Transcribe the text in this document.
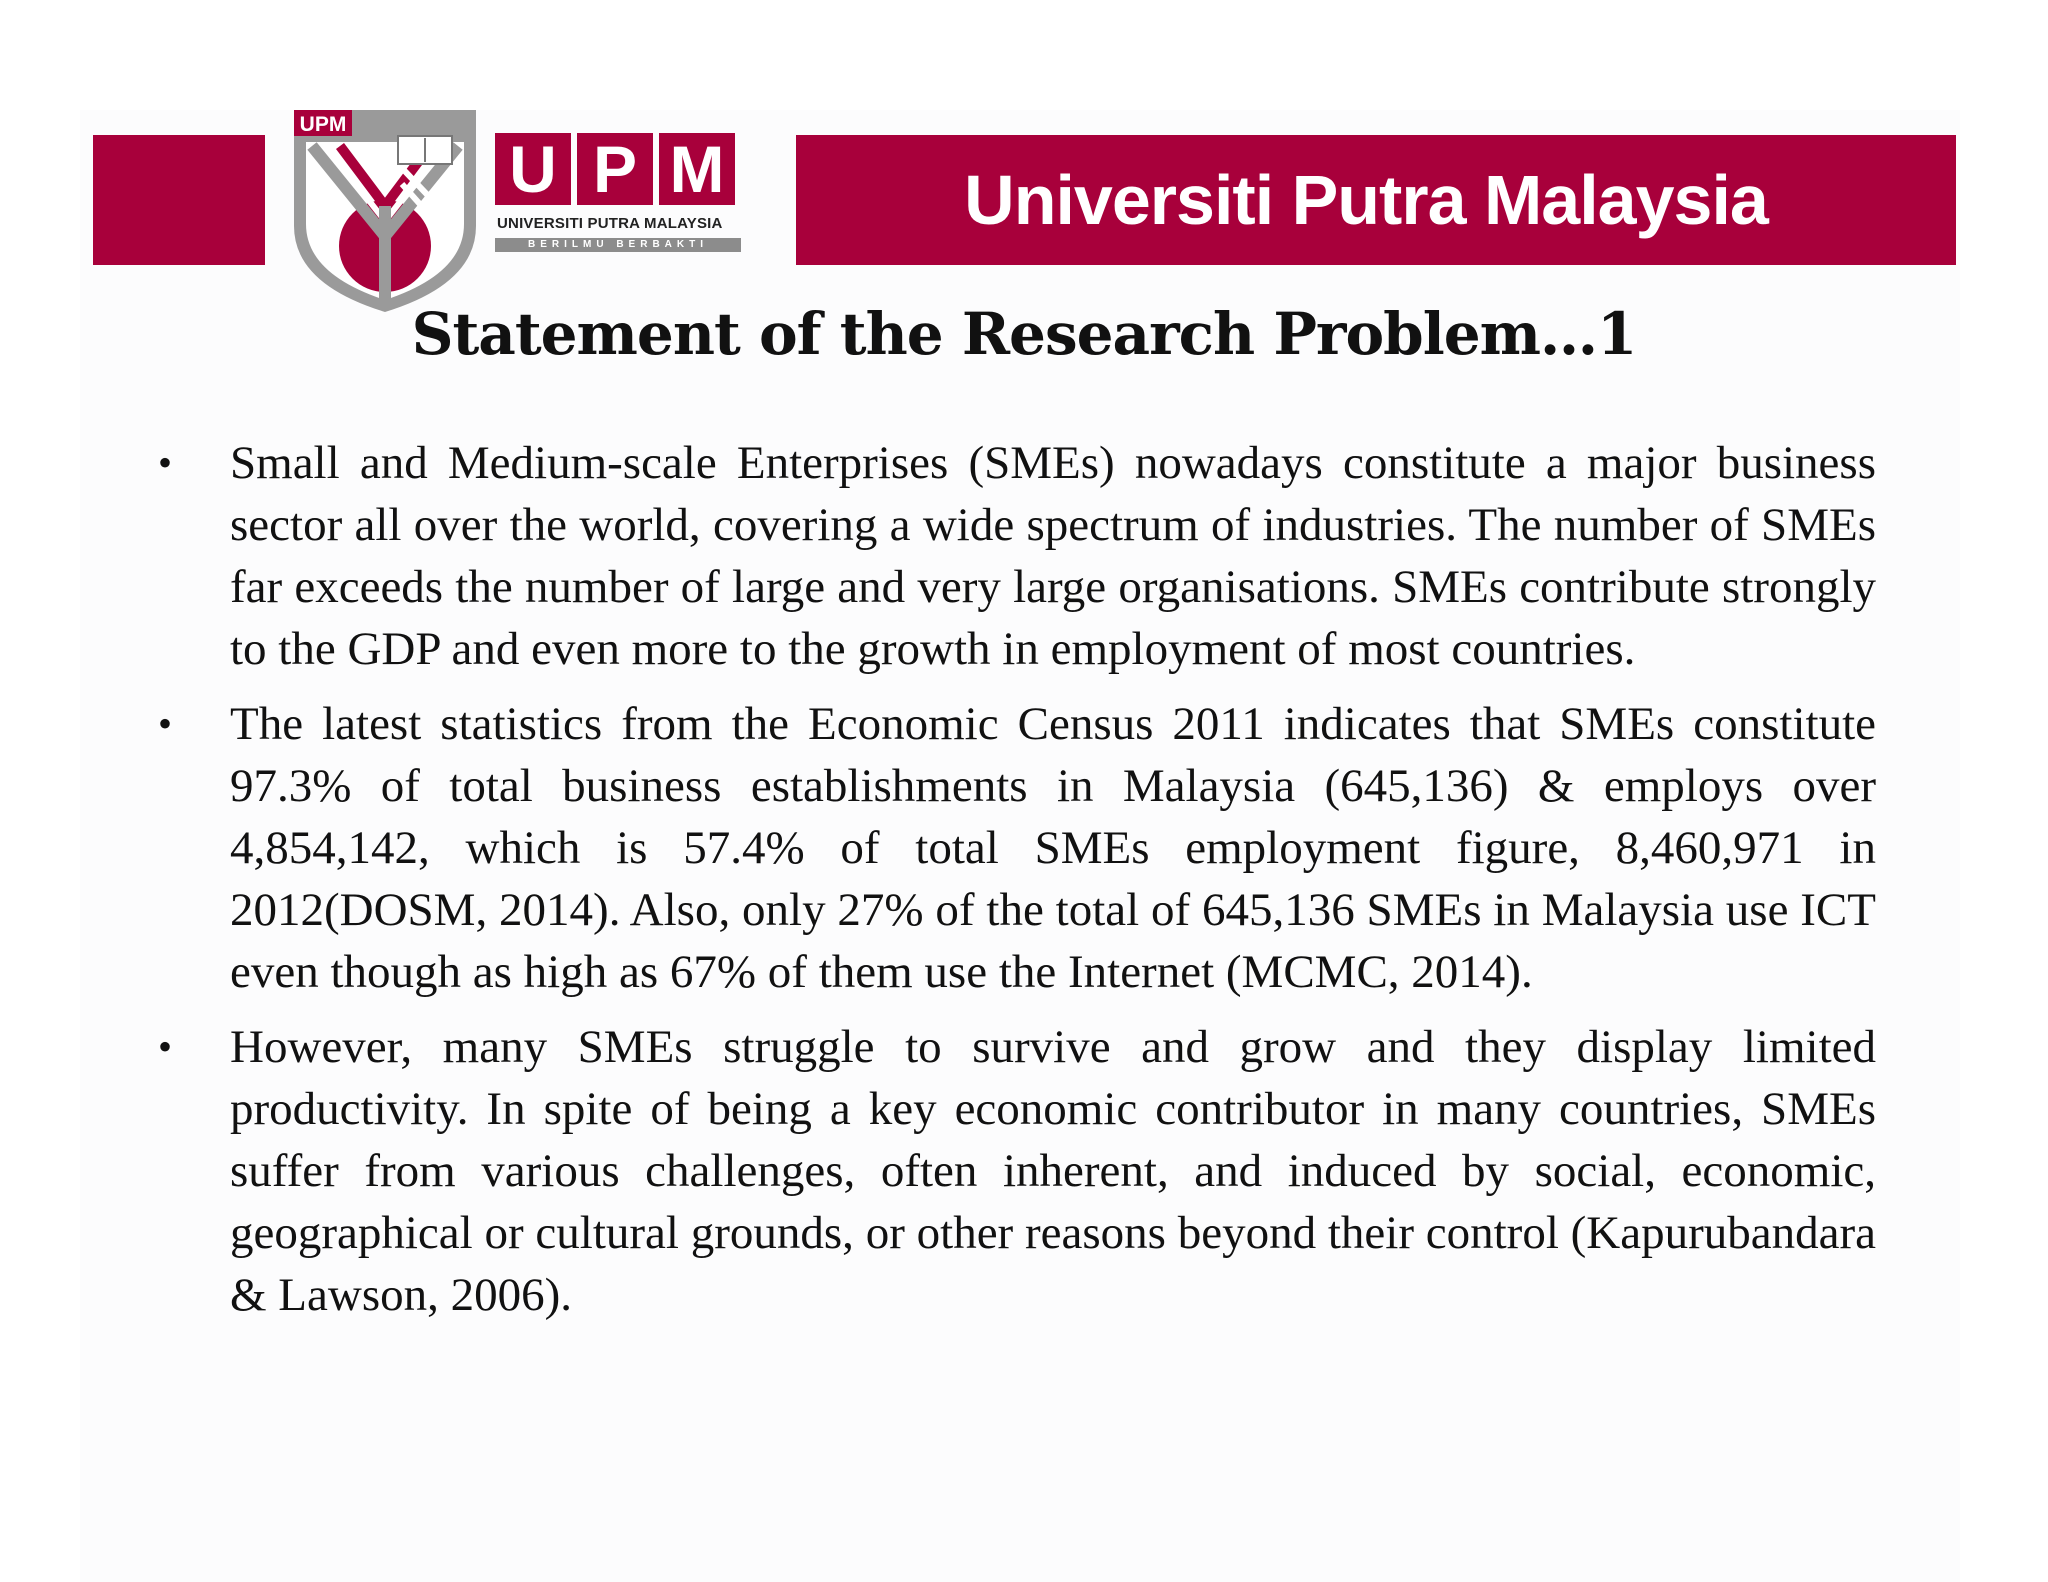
UPM
U P M
UNIVERSITI PUTRA MALAYSIA
BERILMU BERBAKTI
Universiti Putra Malaysia
Statement of the Research Problem…1
• Small and Medium-scale Enterprises (SMEs) nowadays constitute a major business sector all over the world, covering a wide spectrum of industries. The number of SMEs far exceeds the number of large and very large organisations. SMEs contribute strongly to the GDP and even more to the growth in employment of most countries.
• The latest statistics from the Economic Census 2011 indicates that SMEs constitute 97.3% of total business establishments in Malaysia (645,136) & employs over 4,854,142, which is 57.4% of total SMEs employment figure, 8,460,971 in 2012(DOSM, 2014). Also, only 27% of the total of 645,136 SMEs in Malaysia use ICT even though as high as 67% of them use the Internet (MCMC, 2014).
• However, many SMEs struggle to survive and grow and they display limited productivity. In spite of being a key economic contributor in many countries, SMEs suffer from various challenges, often inherent, and induced by social, economic, geographical or cultural grounds, or other reasons beyond their control (Kapurubandara & Lawson, 2006).
